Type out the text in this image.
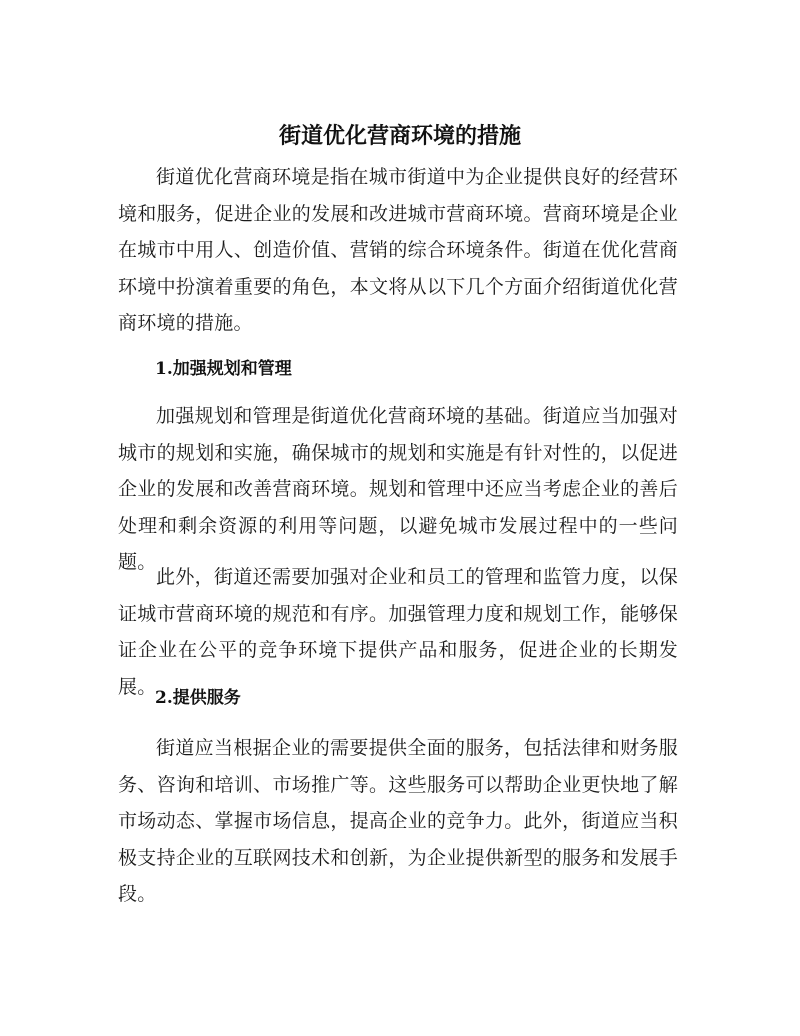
街道优化营商环境的措施

街道优化营商环境是指在城市街道中为企业提供良好的经营环境和服务，促进企业的发展和改进城市营商环境。营商环境是企业在城市中用人、创造价值、营销的综合环境条件。街道在优化营商环境中扮演着重要的角色，本文将从以下几个方面介绍街道优化营商环境的措施。

1.加强规划和管理

加强规划和管理是街道优化营商环境的基础。街道应当加强对城市的规划和实施，确保城市的规划和实施是有针对性的，以促进企业的发展和改善营商环境。规划和管理中还应当考虑企业的善后处理和剩余资源的利用等问题，以避免城市发展过程中的一些问题。

此外，街道还需要加强对企业和员工的管理和监管力度，以保证城市营商环境的规范和有序。加强管理力度和规划工作，能够保证企业在公平的竞争环境下提供产品和服务，促进企业的长期发展。

2.提供服务

街道应当根据企业的需要提供全面的服务，包括法律和财务服务、咨询和培训、市场推广等。这些服务可以帮助企业更快地了解市场动态、掌握市场信息，提高企业的竞争力。此外，街道应当积极支持企业的互联网技术和创新，为企业提供新型的服务和发展手段。
